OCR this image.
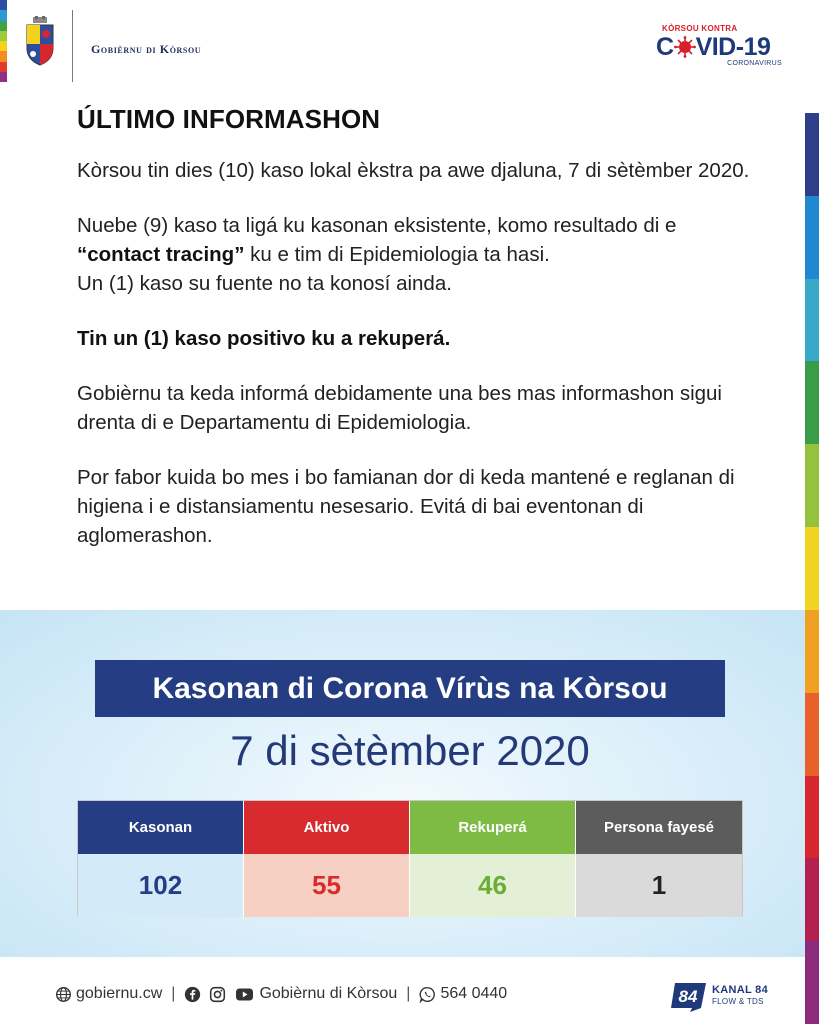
Gobièrnu di Kòrsou
KÒRSOU KONTRA
C VID-19
CORONAVIRUS
ÚLTIMO INFORMASHON

Kòrsou tin dies (10) kaso lokal èkstra pa awe djaluna, 7 di sètèmber 2020.

Nuebe (9) kaso ta ligá ku kasonan eksistente, komo resultado di e “contact tracing” ku e tim di Epidemiologia ta hasi.
Un (1) kaso su fuente no ta konosí ainda.

Tin un (1) kaso positivo ku a rekuperá.

Gobièrnu ta keda informá debidamente una bes mas informashon sigui drenta di e Departamentu di Epidemiologia.

Por fabor kuida bo mes i bo famianan dor di keda mantené e reglanan di higiena i e distansiamentu nesesario. Evitá di bai eventonan di aglomerashon.

Kasonan di Corona Vírùs na Kòrsou
7 di sètèmber 2020
Kasonan	Aktivo	Rekuperá	Persona fayesé
102	55	46	1
gobiernu.cw |	Gobièrnu di Kòrsou | 564 0440	84 KANAL 84
FLOW & TDS
